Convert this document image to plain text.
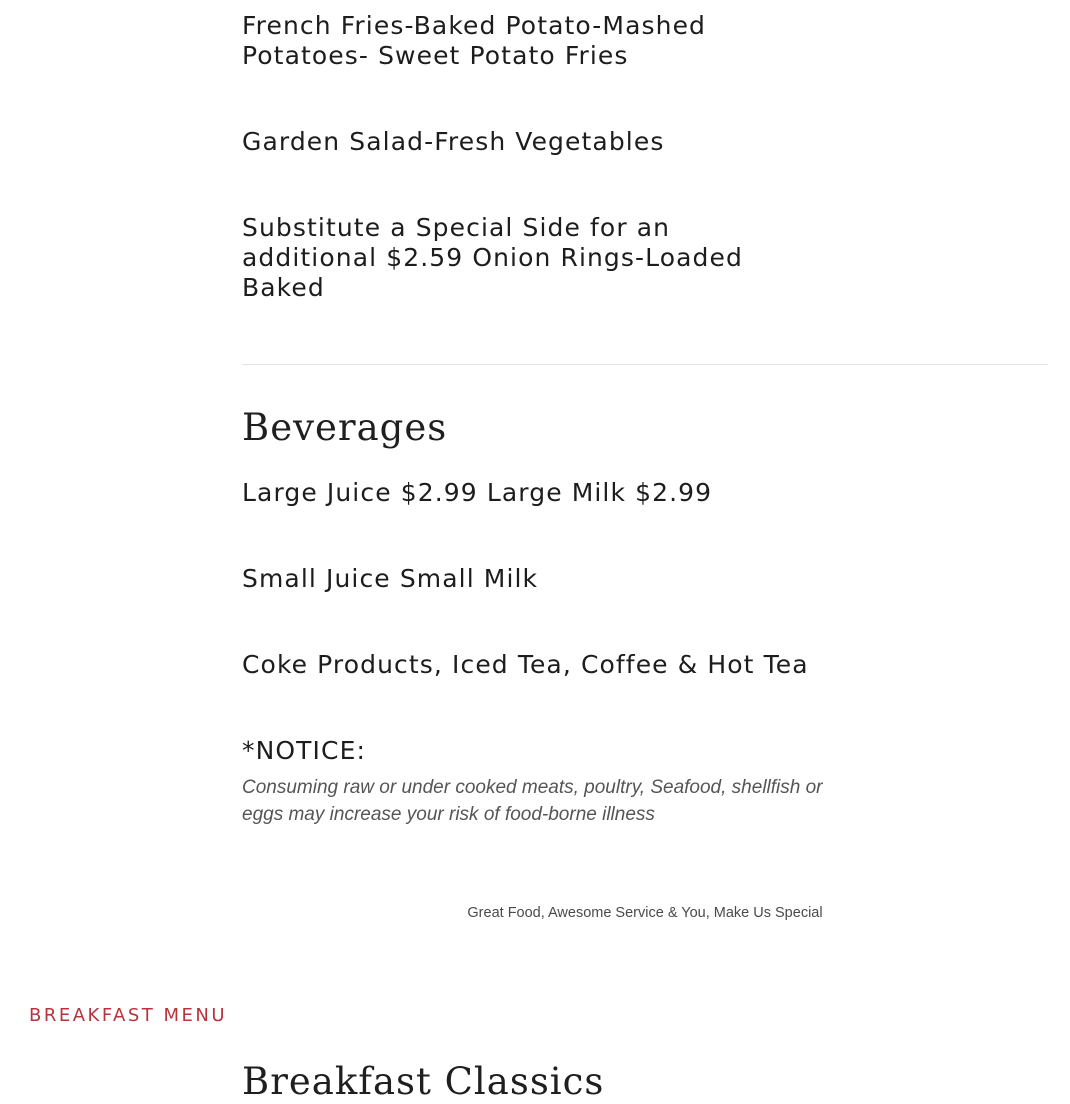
French Fries-Baked Potato-Mashed Potatoes- Sweet Potato Fries
Garden Salad-Fresh Vegetables
Substitute a Special Side for an additional $2.59 Onion Rings-Loaded Baked
Beverages
Large Juice $2.99 Large Milk $2.99
Small Juice Small Milk
Coke Products, Iced Tea, Coffee & Hot Tea
*NOTICE:
Consuming raw or under cooked meats, poultry, Seafood, shellfish or eggs may increase your risk of food-borne illness
Great Food, Awesome Service & You, Make Us Special
Breakfast Classics
BREAKFAST MENU
